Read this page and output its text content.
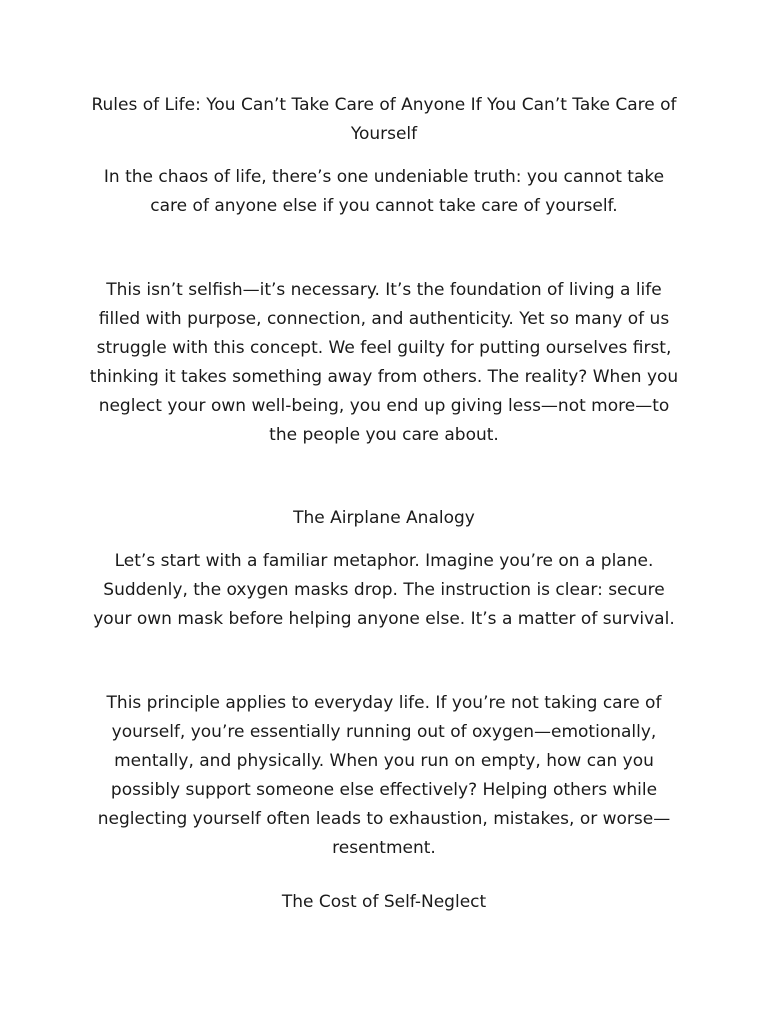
Rules of Life: You Can’t Take Care of Anyone If You Can’t Take Care of Yourself

In the chaos of life, there’s one undeniable truth: you cannot take care of anyone else if you cannot take care of yourself.

This isn’t selfish—it’s necessary. It’s the foundation of living a life filled with purpose, connection, and authenticity. Yet so many of us struggle with this concept. We feel guilty for putting ourselves first, thinking it takes something away from others. The reality? When you neglect your own well-being, you end up giving less—not more—to the people you care about.

The Airplane Analogy

Let’s start with a familiar metaphor. Imagine you’re on a plane. Suddenly, the oxygen masks drop. The instruction is clear: secure your own mask before helping anyone else. It’s a matter of survival.

This principle applies to everyday life. If you’re not taking care of yourself, you’re essentially running out of oxygen—emotionally, mentally, and physically. When you run on empty, how can you possibly support someone else effectively? Helping others while neglecting yourself often leads to exhaustion, mistakes, or worse—resentment.

The Cost of Self-Neglect
